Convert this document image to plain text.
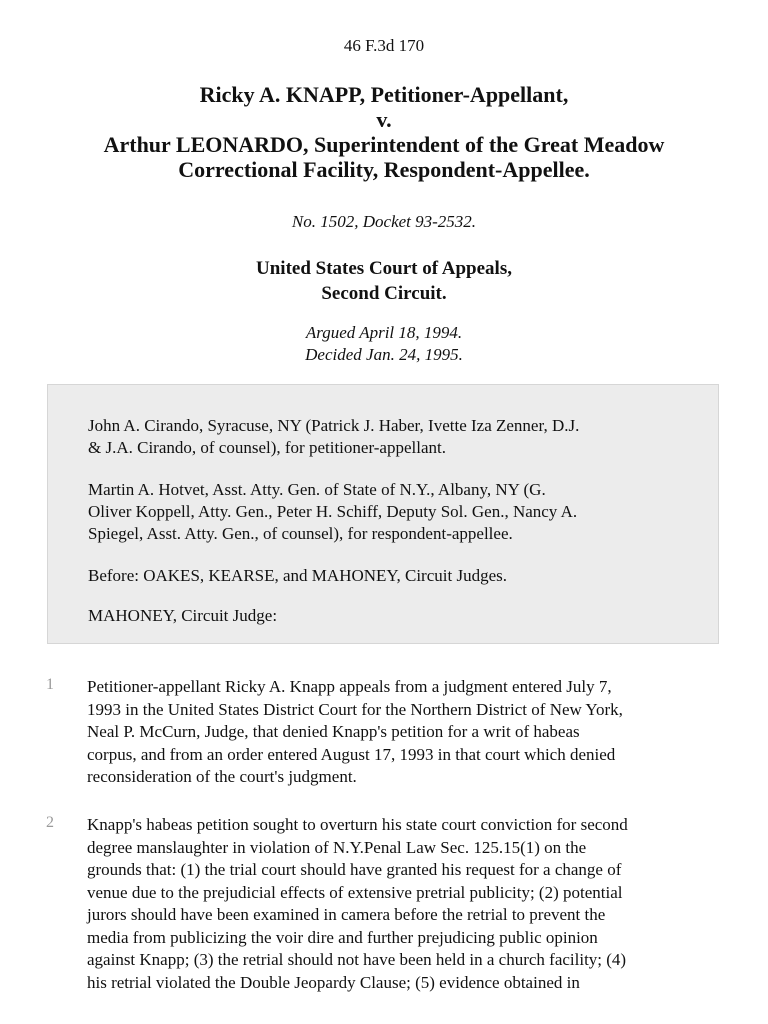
46 F.3d 170
Ricky A. KNAPP, Petitioner-Appellant,
v.
Arthur LEONARDO, Superintendent of the Great Meadow
Correctional Facility, Respondent-Appellee.
No. 1502, Docket 93-2532.
United States Court of Appeals,
Second Circuit.
Argued April 18, 1994.
Decided Jan. 24, 1995.

John A. Cirando, Syracuse, NY (Patrick J. Haber, Ivette Iza Zenner, D.J.
& J.A. Cirando, of counsel), for petitioner-appellant.

Martin A. Hotvet, Asst. Atty. Gen. of State of N.Y., Albany, NY (G.
Oliver Koppell, Atty. Gen., Peter H. Schiff, Deputy Sol. Gen., Nancy A.
Spiegel, Asst. Atty. Gen., of counsel), for respondent-appellee.

Before: OAKES, KEARSE, and MAHONEY, Circuit Judges.

MAHONEY, Circuit Judge:

1 Petitioner-appellant Ricky A. Knapp appeals from a judgment entered July 7,
1993 in the United States District Court for the Northern District of New York,
Neal P. McCurn, Judge, that denied Knapp's petition for a writ of habeas
corpus, and from an order entered August 17, 1993 in that court which denied
reconsideration of the court's judgment.

2 Knapp's habeas petition sought to overturn his state court conviction for second
degree manslaughter in violation of N.Y.Penal Law Sec. 125.15(1) on the
grounds that: (1) the trial court should have granted his request for a change of
venue due to the prejudicial effects of extensive pretrial publicity; (2) potential
jurors should have been examined in camera before the retrial to prevent the
media from publicizing the voir dire and further prejudicing public opinion
against Knapp; (3) the retrial should not have been held in a church facility; (4)
his retrial violated the Double Jeopardy Clause; (5) evidence obtained in
